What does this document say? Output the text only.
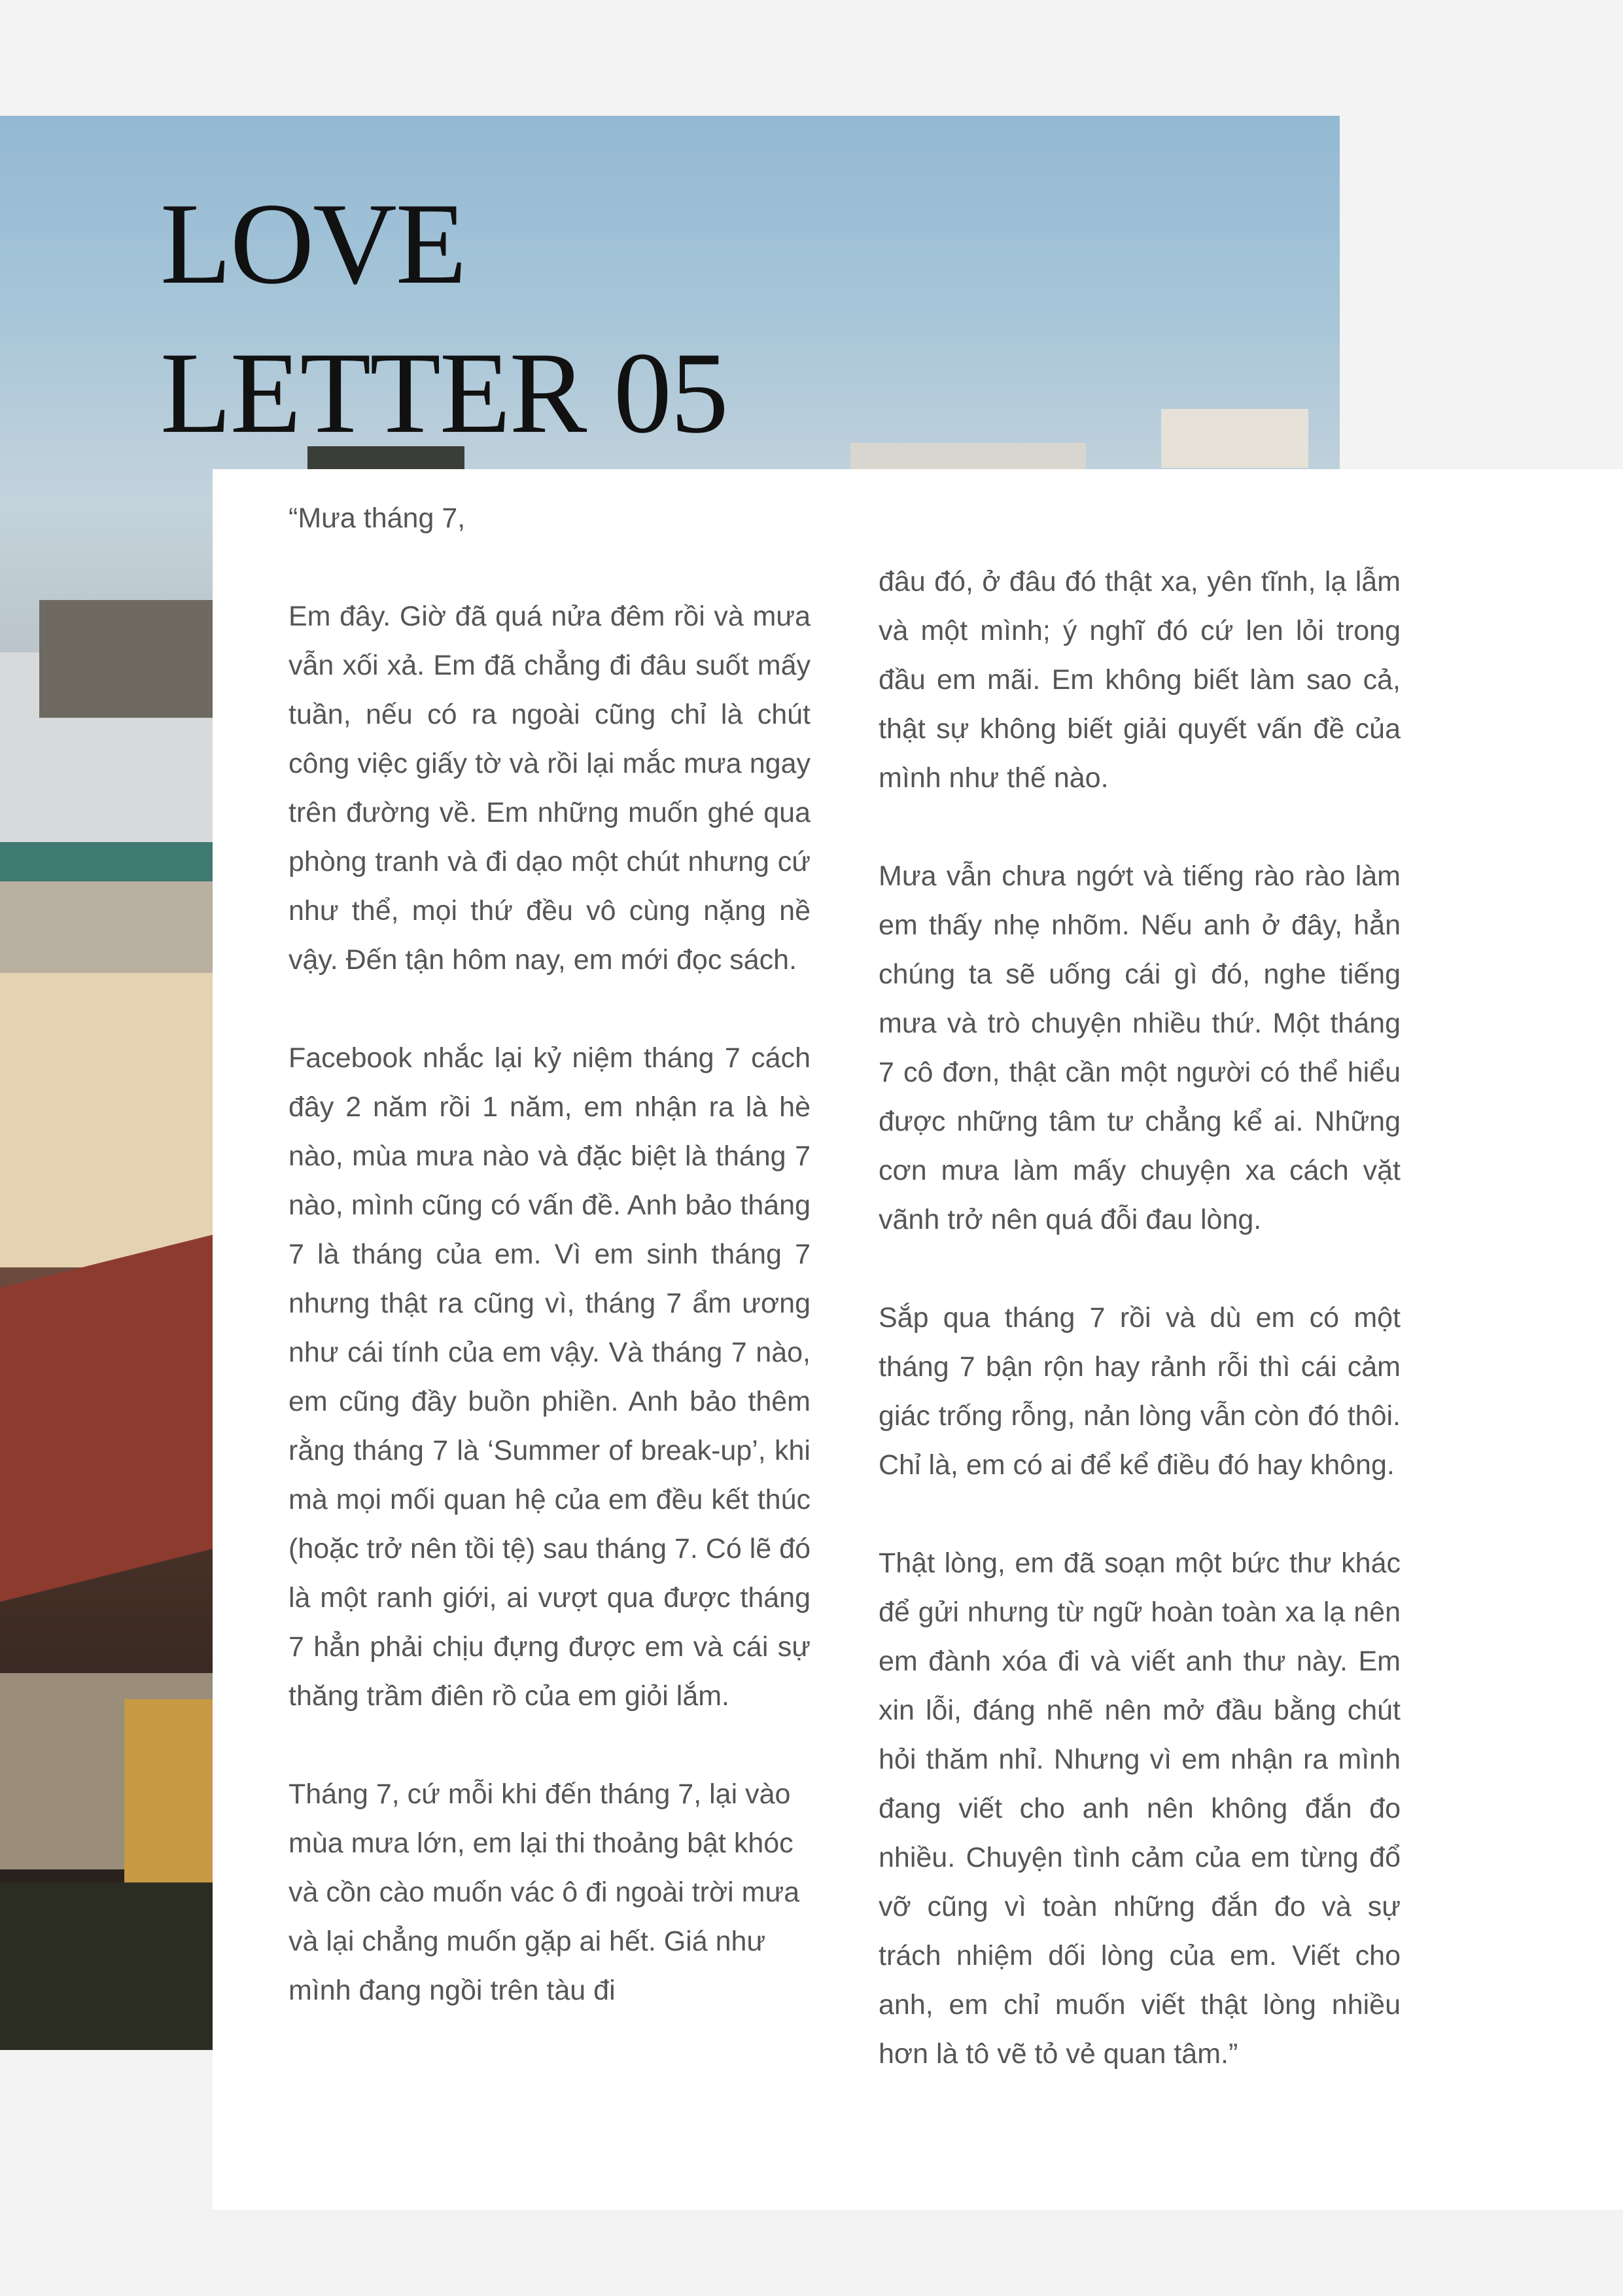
LOVE
LETTER 05

“Mưa tháng 7,

Em đây. Giờ đã quá nửa đêm rồi và mưa vẫn xối xả. Em đã chẳng đi đâu suốt mấy tuần, nếu có ra ngoài cũng chỉ là chút công việc giấy tờ và rồi lại mắc mưa ngay trên đường về. Em những muốn ghé qua phòng tranh và đi dạo một chút nhưng cứ như thể, mọi thứ đều vô cùng nặng nề vậy. Đến tận hôm nay, em mới đọc sách.

Facebook nhắc lại kỷ niệm tháng 7 cách đây 2 năm rồi 1 năm, em nhận ra là hè nào, mùa mưa nào và đặc biệt là tháng 7 nào, mình cũng có vấn đề. Anh bảo tháng 7 là tháng của em. Vì em sinh tháng 7 nhưng thật ra cũng vì, tháng 7 ẩm ương như cái tính của em vậy. Và tháng 7 nào, em cũng đầy buồn phiền. Anh bảo thêm rằng tháng 7 là ‘Summer of break-up’, khi mà mọi mối quan hệ của em đều kết thúc (hoặc trở nên tồi tệ) sau tháng 7. Có lẽ đó là một ranh giới, ai vượt qua được tháng 7 hẳn phải chịu đựng được em và cái sự thăng trầm điên rồ của em giỏi lắm.

Tháng 7, cứ mỗi khi đến tháng 7, lại vào mùa mưa lớn, em lại thi thoảng bật khóc và cồn cào muốn vác ô đi ngoài trời mưa và lại chẳng muốn gặp ai hết. Giá như mình đang ngồi trên tàu đi

đâu đó, ở đâu đó thật xa, yên tĩnh, lạ lẫm và một mình; ý nghĩ đó cứ len lỏi trong đầu em mãi. Em không biết làm sao cả, thật sự không biết giải quyết vấn đề của mình như thế nào.

Mưa vẫn chưa ngớt và tiếng rào rào làm em thấy nhẹ nhõm. Nếu anh ở đây, hẳn chúng ta sẽ uống cái gì đó, nghe tiếng mưa và trò chuyện nhiều thứ. Một tháng 7 cô đơn, thật cần một người có thể hiểu được những tâm tư chẳng kể ai. Những cơn mưa làm mấy chuyện xa cách vặt vãnh trở nên quá đỗi đau lòng.

Sắp qua tháng 7 rồi và dù em có một tháng 7 bận rộn hay rảnh rỗi thì cái cảm giác trống rỗng, nản lòng vẫn còn đó thôi. Chỉ là, em có ai để kể điều đó hay không.

Thật lòng, em đã soạn một bức thư khác để gửi nhưng từ ngữ hoàn toàn xa lạ nên em đành xóa đi và viết anh thư này. Em xin lỗi, đáng nhẽ nên mở đầu bằng chút hỏi thăm nhỉ. Nhưng vì em nhận ra mình đang viết cho anh nên không đắn đo nhiều. Chuyện tình cảm của em từng đổ vỡ cũng vì toàn những đắn đo và sự trách nhiệm dối lòng của em. Viết cho anh, em chỉ muốn viết thật lòng nhiều hơn là tô vẽ tỏ vẻ quan tâm.”
